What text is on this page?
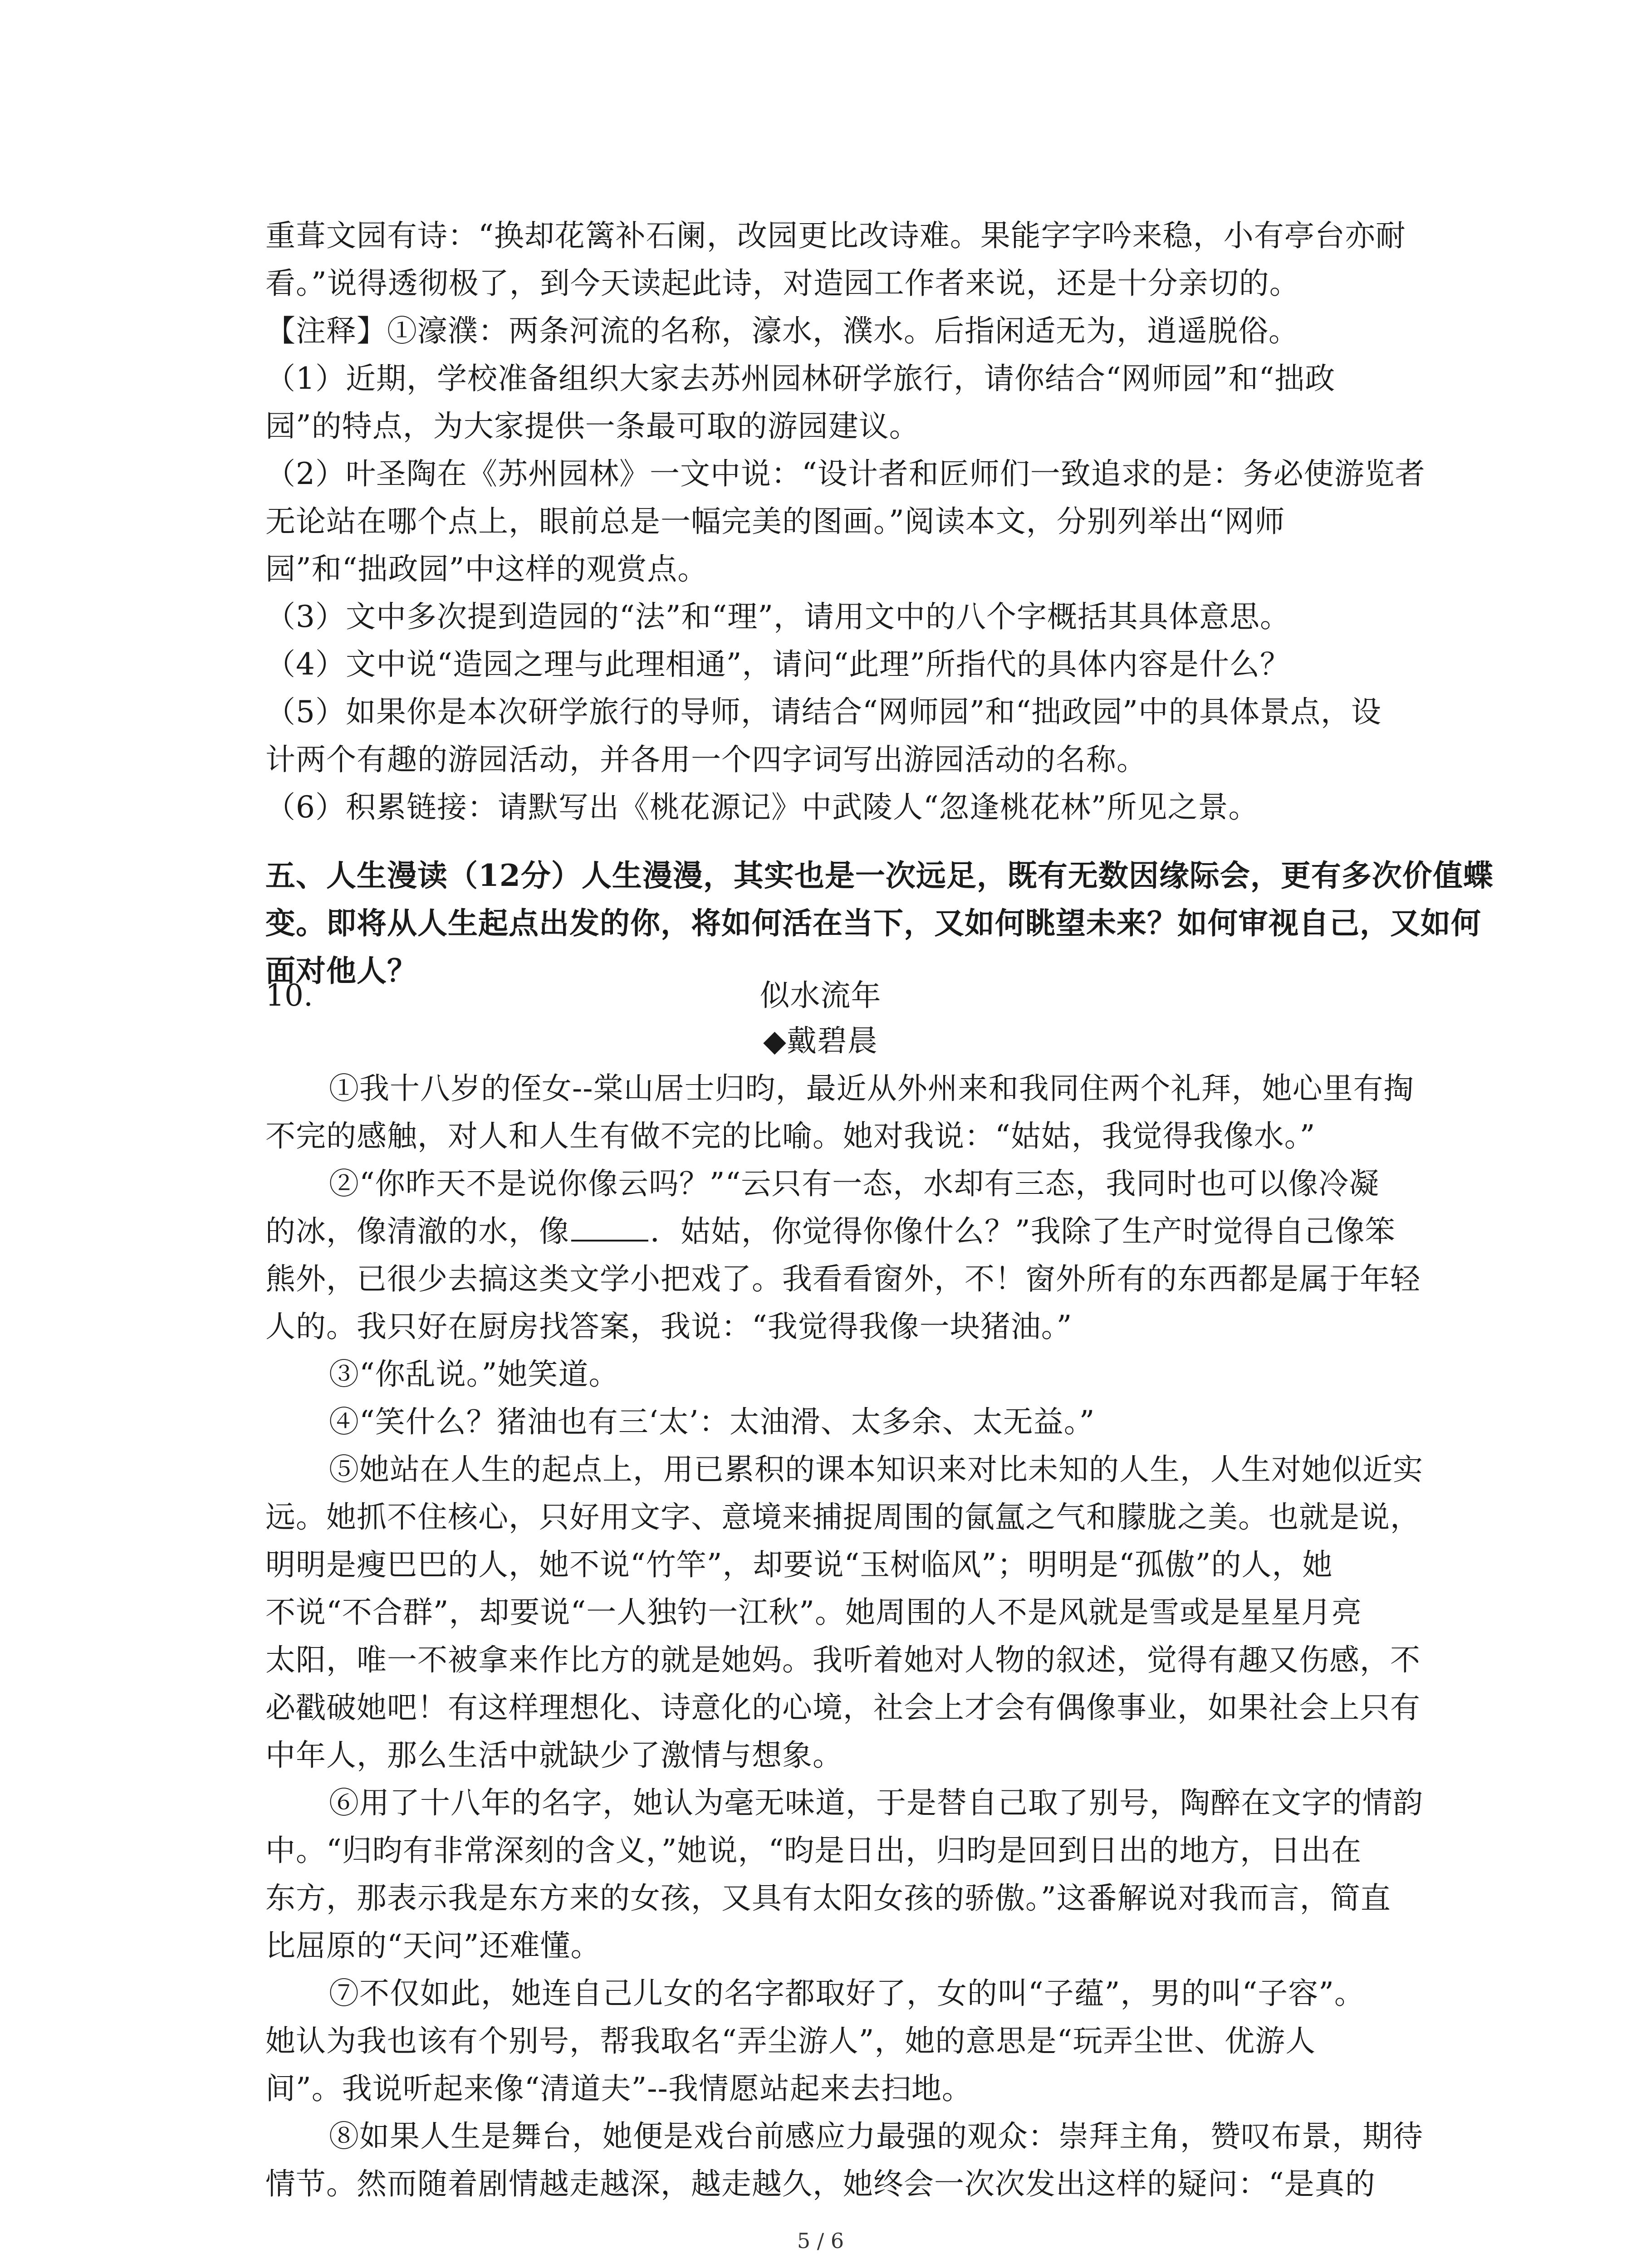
重葺文园有诗：“换却花篱补石阑，改园更比改诗难。果能字字吟来稳，小有亭台亦耐
看。”说得透彻极了，到今天读起此诗，对造园工作者来说，还是十分亲切的。
【注释】①濠濮：两条河流的名称，濠水，濮水。后指闲适无为，逍遥脱俗。
（1）近期，学校准备组织大家去苏州园林研学旅行，请你结合“网师园”和“拙政
园”的特点，为大家提供一条最可取的游园建议。
（2）叶圣陶在《苏州园林》一文中说：“设计者和匠师们一致追求的是：务必使游览者
无论站在哪个点上，眼前总是一幅完美的图画。”阅读本文，分别列举出“网师
园”和“拙政园”中这样的观赏点。
（3）文中多次提到造园的“法”和“理”，请用文中的八个字概括其具体意思。
（4）文中说“造园之理与此理相通”，请问“此理”所指代的具体内容是什么？
（5）如果你是本次研学旅行的导师，请结合“网师园”和“拙政园”中的具体景点，设
计两个有趣的游园活动，并各用一个四字词写出游园活动的名称。
（6）积累链接：请默写出《桃花源记》中武陵人“忽逢桃花林”所见之景。
五、人生漫读（12分）人生漫漫，其实也是一次远足，既有无数因缘际会，更有多次价值蝶
变。即将从人生起点出发的你，将如何活在当下，又如何眺望未来？如何审视自己，又如何
面对他人？
10.	似水流年
◆戴碧晨
①我十八岁的侄女--棠山居士归昀，最近从外州来和我同住两个礼拜，她心里有掏
不完的感触，对人和人生有做不完的比喻。她对我说：“姑姑，我觉得我像水。”
②“你昨天不是说你像云吗？”“云只有一态，水却有三态，我同时也可以像冷凝
的冰，像清澈的水，像	．姑姑，你觉得你像什么？”我除了生产时觉得自己像笨
熊外，已很少去搞这类文学小把戏了。我看看窗外，不！窗外所有的东西都是属于年轻
人的。我只好在厨房找答案，我说：“我觉得我像一块猪油。”
③“你乱说。”她笑道。
④“笑什么？猪油也有三‘太’：太油滑、太多余、太无益。”
⑤她站在人生的起点上，用已累积的课本知识来对比未知的人生，人生对她似近实
远。她抓不住核心，只好用文字、意境来捕捉周围的氤氲之气和朦胧之美。也就是说，
明明是瘦巴巴的人，她不说“竹竿”，却要说“玉树临风”；明明是“孤傲”的人，她
不说“不合群”，却要说“一人独钓一江秋”。她周围的人不是风就是雪或是星星月亮
太阳，唯一不被拿来作比方的就是她妈。我听着她对人物的叙述，觉得有趣又伤感，不
必戳破她吧！有这样理想化、诗意化的心境，社会上才会有偶像事业，如果社会上只有
中年人，那么生活中就缺少了激情与想象。
⑥用了十八年的名字，她认为毫无味道，于是替自己取了别号，陶醉在文字的情韵
中。“归昀有非常深刻的含义，”她说，“昀是日出，归昀是回到日出的地方，日出在
东方，那表示我是东方来的女孩，又具有太阳女孩的骄傲。”这番解说对我而言，简直
比屈原的“天问”还难懂。
⑦不仅如此，她连自己儿女的名字都取好了，女的叫“子蕴”，男的叫“子容”。
她认为我也该有个别号，帮我取名“弄尘游人”，她的意思是“玩弄尘世、优游人
间”。我说听起来像“清道夫”--我情愿站起来去扫地。
⑧如果人生是舞台，她便是戏台前感应力最强的观众：崇拜主角，赞叹布景，期待
情节。然而随着剧情越走越深，越走越久，她终会一次次发出这样的疑问：“是真的
5 / 6
